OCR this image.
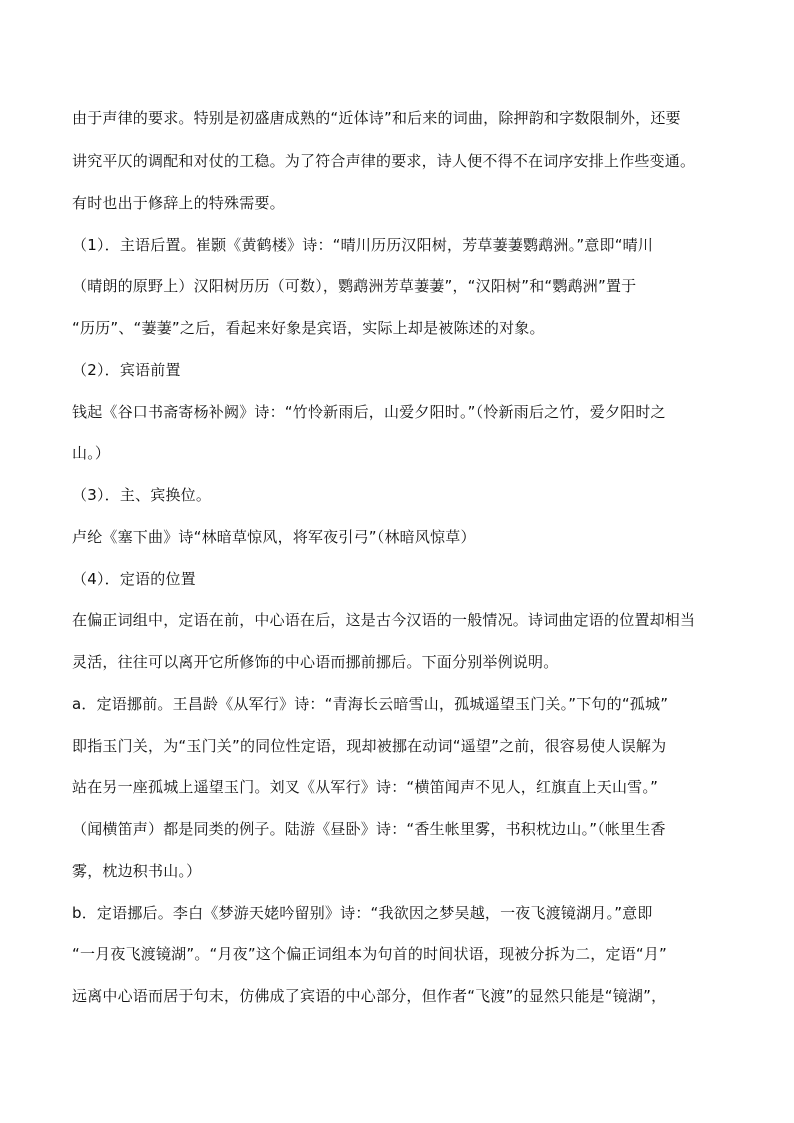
由于声律的要求。特别是初盛唐成熟的“近体诗”和后来的词曲，除押韵和字数限制外，还要
讲究平仄的调配和对仗的工稳。为了符合声律的要求，诗人便不得不在词序安排上作些变通。
有时也出于修辞上的特殊需要。
（1）．主语后置。崔颢《黄鹤楼》诗：“晴川历历汉阳树，芳草萋萋鹦鹉洲。”意即“晴川
（晴朗的原野上）汉阳树历历（可数），鹦鹉洲芳草萋萋”，“汉阳树”和“鹦鹉洲”置于
“历历”、“萋萋”之后，看起来好象是宾语，实际上却是被陈述的对象。
（2）．宾语前置
钱起《谷口书斋寄杨补阙》诗：“竹怜新雨后，山爱夕阳时。”（怜新雨后之竹，爱夕阳时之
山。）
（3）．主、宾换位。
卢纶《塞下曲》诗“林暗草惊风，将军夜引弓”（林暗风惊草）
（4）．定语的位置
在偏正词组中，定语在前，中心语在后，这是古今汉语的一般情况。诗词曲定语的位置却相当
灵活，往往可以离开它所修饰的中心语而挪前挪后。下面分别举例说明。
a．定语挪前。王昌龄《从军行》诗：“青海长云暗雪山，孤城遥望玉门关。”下句的“孤城”
即指玉门关，为“玉门关”的同位性定语，现却被挪在动词“遥望”之前，很容易使人误解为
站在另一座孤城上遥望玉门。刘叉《从军行》诗：“横笛闻声不见人，红旗直上天山雪。”
（闻横笛声）都是同类的例子。陆游《昼卧》诗：“香生帐里雾，书积枕边山。”（帐里生香
雾，枕边积书山。）
b．定语挪后。李白《梦游天姥吟留别》诗：“我欲因之梦吴越，一夜飞渡镜湖月。”意即
“一月夜飞渡镜湖”。“月夜”这个偏正词组本为句首的时间状语，现被分拆为二，定语“月”
远离中心语而居于句末，仿佛成了宾语的中心部分，但作者“飞渡”的显然只能是“镜湖”，
